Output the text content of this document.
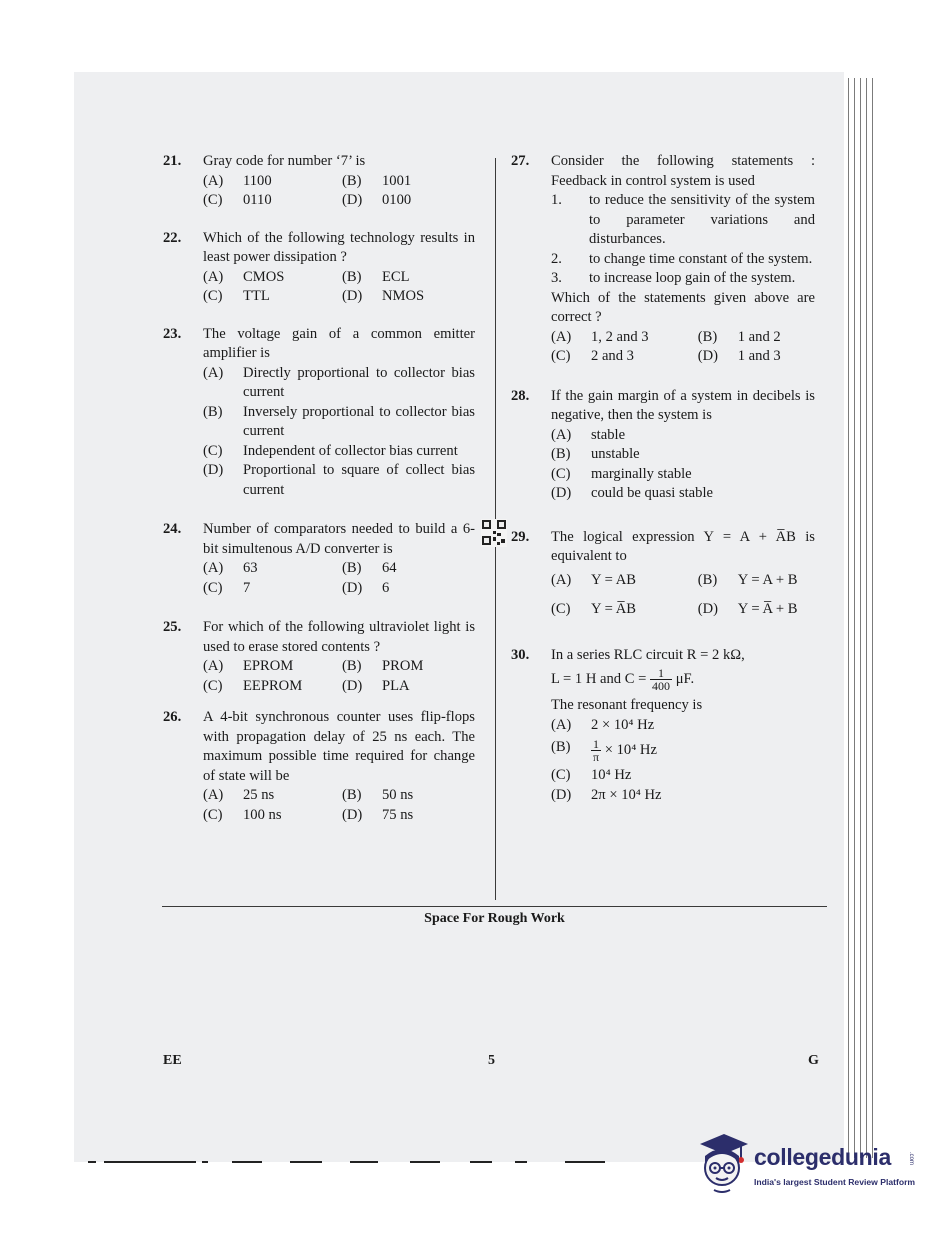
21. Gray code for number ‘7’ is
(A) 1100	(B) 1001
(C) 0110	(D) 0100
22. Which of the following technology results in least power dissipation ?
(A) CMOS	(B) ECL
(C) TTL	(D) NMOS
23. The voltage gain of a common emitter amplifier is
(A) Directly proportional to collector bias current
(B) Inversely proportional to collector bias current
(C) Independent of collector bias current
(D) Proportional to square of collect bias current
24. Number of comparators needed to build a 6-bit simultenous A/D converter is
(A) 63	(B) 64
(C) 7	(D) 6
25. For which of the following ultraviolet light is used to erase stored contents ?
(A) EPROM	(B) PROM
(C) EEPROM	(D) PLA
26. A 4-bit synchronous counter uses flip-flops with propagation delay of 25 ns each. The maximum possible time required for change of state will be
(A) 25 ns	(B) 50 ns
(C) 100 ns	(D) 75 ns
27. Consider the following statements : Feedback in control system is used
1. to reduce the sensitivity of the system to parameter variations and disturbances.
2. to change time constant of the system.
3. to increase loop gain of the system.
Which of the statements given above are correct ?
(A) 1, 2 and 3	(B) 1 and 2
(C) 2 and 3	(D) 1 and 3
28. If the gain margin of a system in decibels is negative, then the system is
(A) stable
(B) unstable
(C) marginally stable
(D) could be quasi stable
29. The logical expression Y = A + A̅B is equivalent to
(A) Y = AB	(B) Y = A + B
(C) Y = A̅B	(D) Y = A̅ + B
30. In a series RLC circuit R = 2 kΩ,
L = 1 H and $C = \frac{1}{400} \mu F$.
The resonant frequency is
(A) 2 × 10⁴ Hz
$(B) \frac{1}{\pi} \times 10^4$ Hz
(C) 10⁴ Hz
(D) 2π × 10⁴ Hz
Space For Rough Work
EE	5	G
collegedunia	.com
India's largest Student Review Platform
